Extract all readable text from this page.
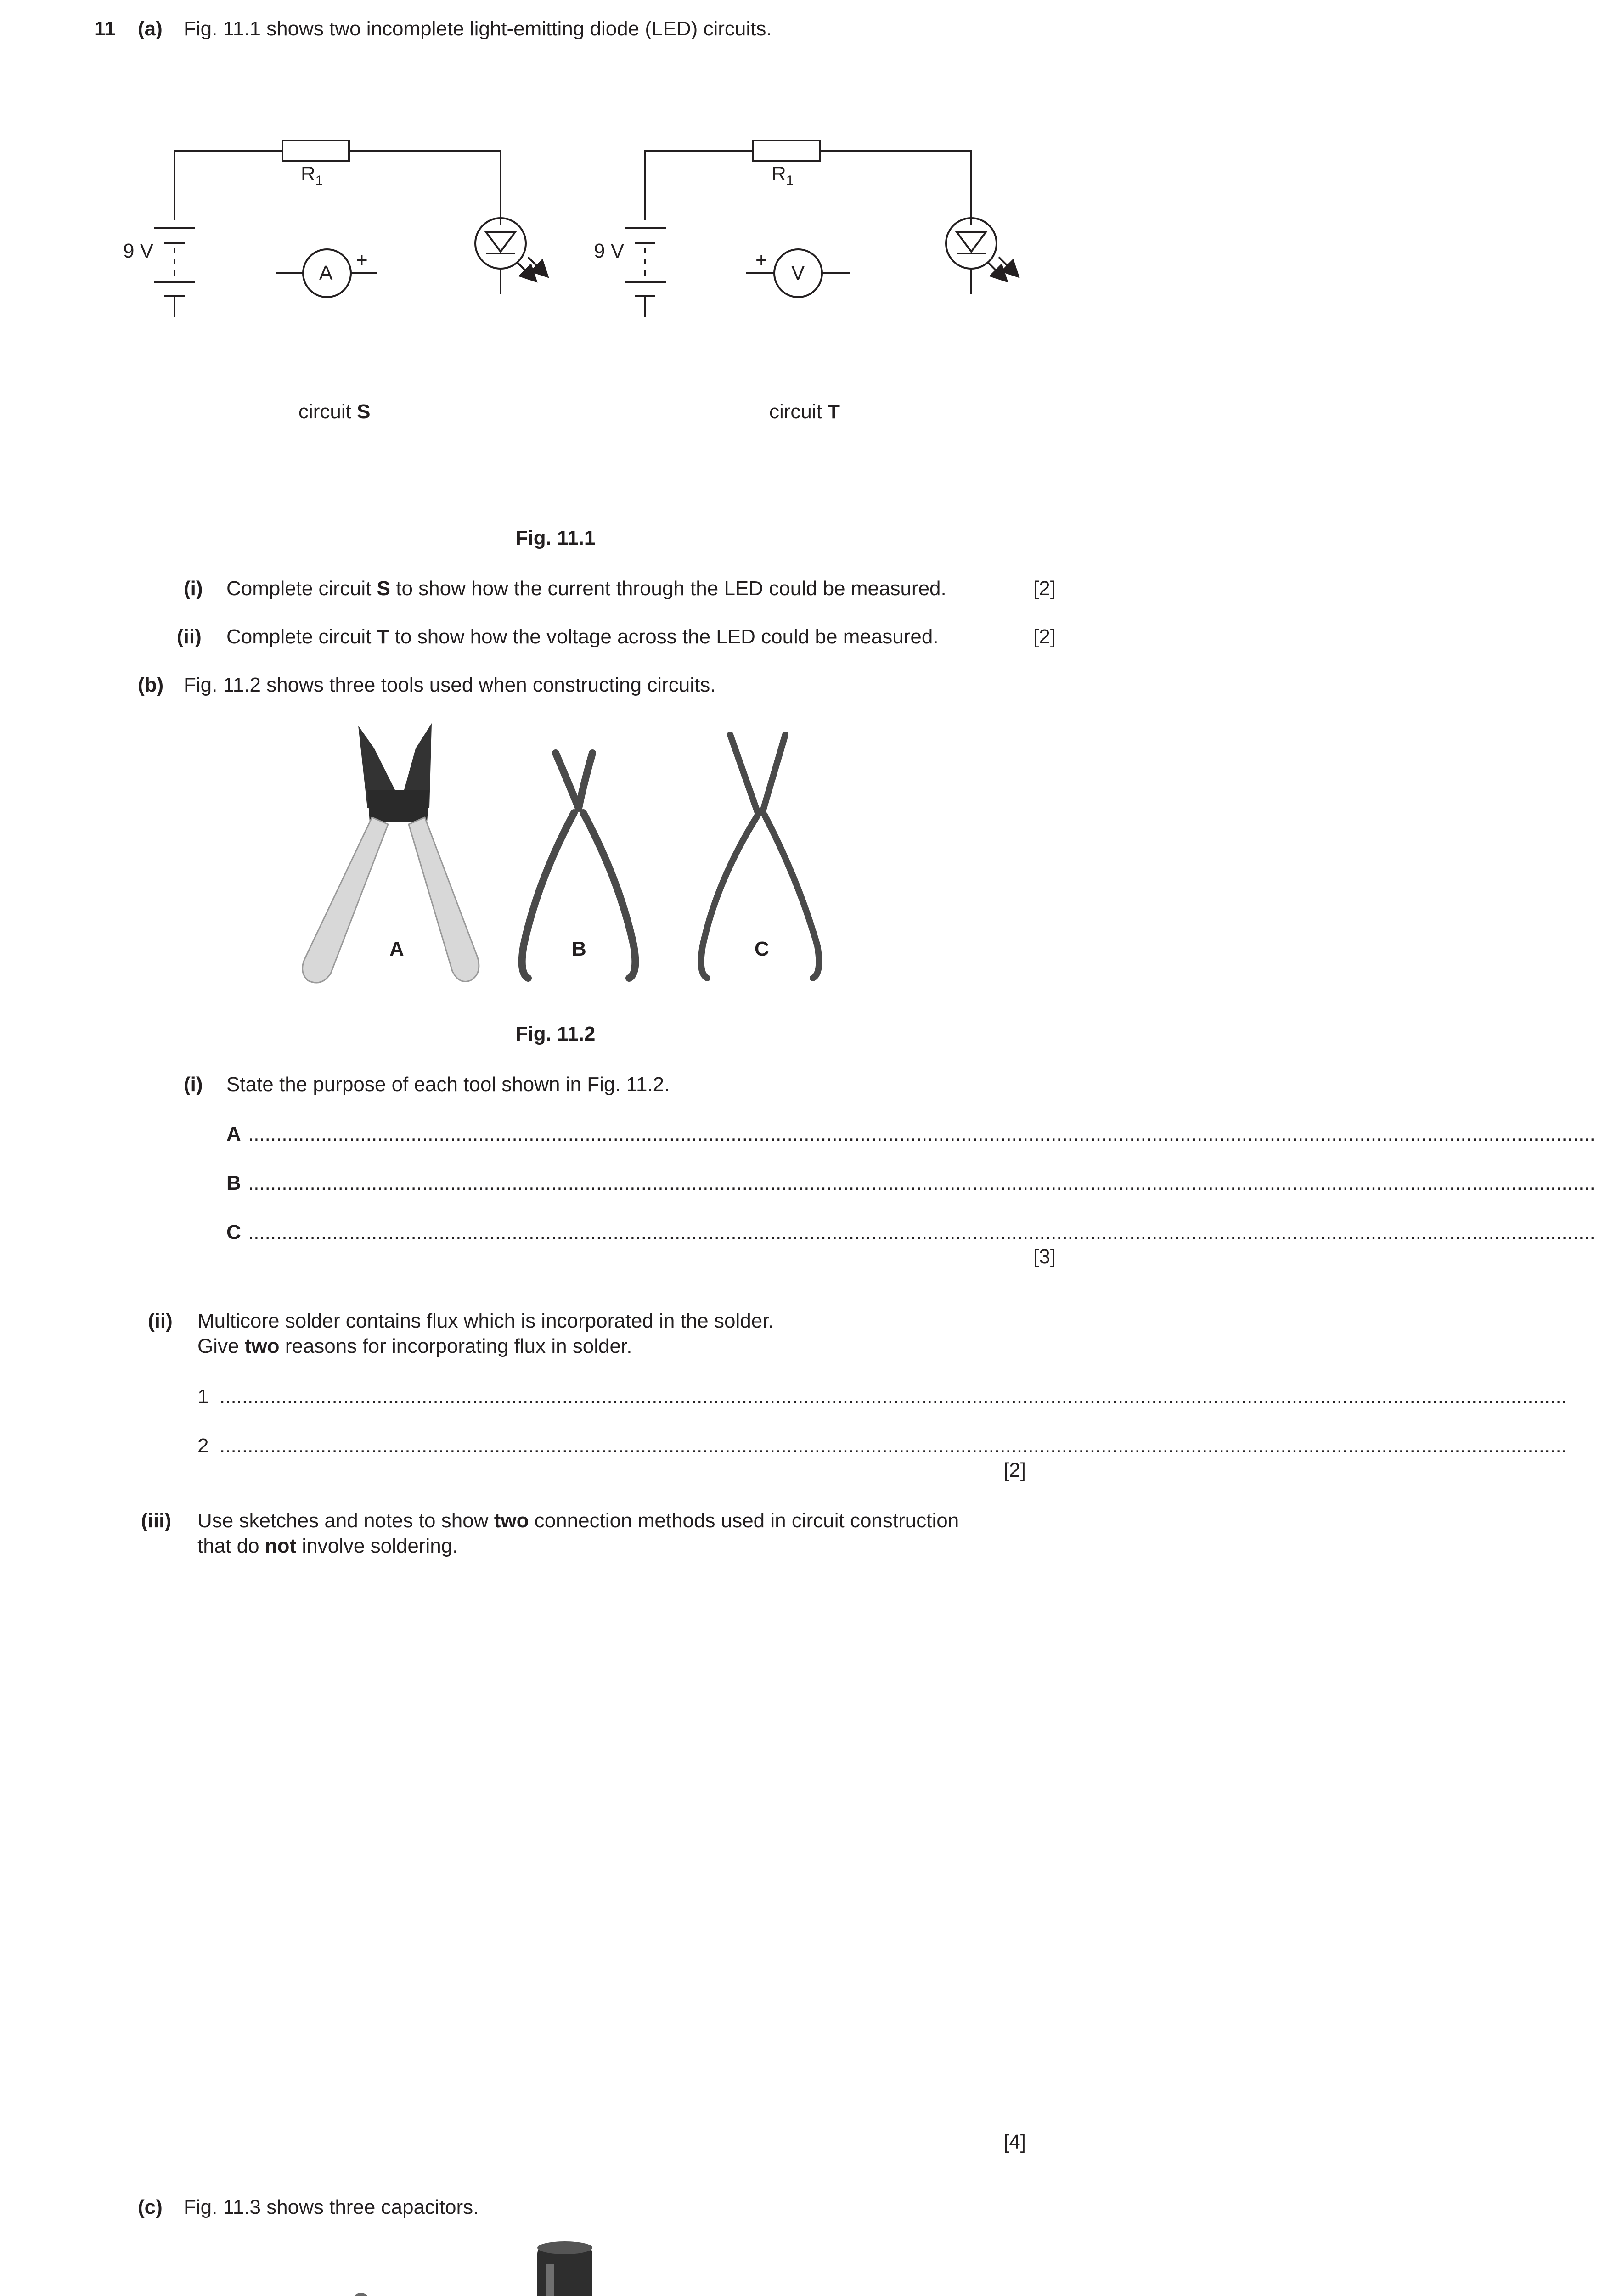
11 (a) Fig. 11.1 shows two incomplete light-emitting diode (LED) circuits.
$R_1$
9 V
A
+
circuit S
$R_1$
9 V
V
+
circuit T
Fig. 11.1
(i) Complete circuit S to show how the current through the LED could be measured.	[2]
(ii) Complete circuit T to show how the voltage across the LED could be measured.	[2]
(b) Fig. 11.2 shows three tools used when constructing circuits.
A	B	C
Fig. 11.2
(i) State the purpose of each tool shown in Fig. 11.2.
A ................................................................................................................................................................................................................................................
B ................................................................................................................................................................................................................................................
C ................................................................................................................................................................................................................................................
[3]
(ii) Multicore solder contains flux which is incorporated in the solder.
Give two reasons for incorporating flux in solder.
1 ................................................................................................................................................................................................................................................
2 ................................................................................................................................................................................................................................................
[2]
(iii) Use sketches and notes to show two connection methods used in circuit construction
that do not involve soldering.
[4]
(c) Fig. 11.3 shows three capacitors.
